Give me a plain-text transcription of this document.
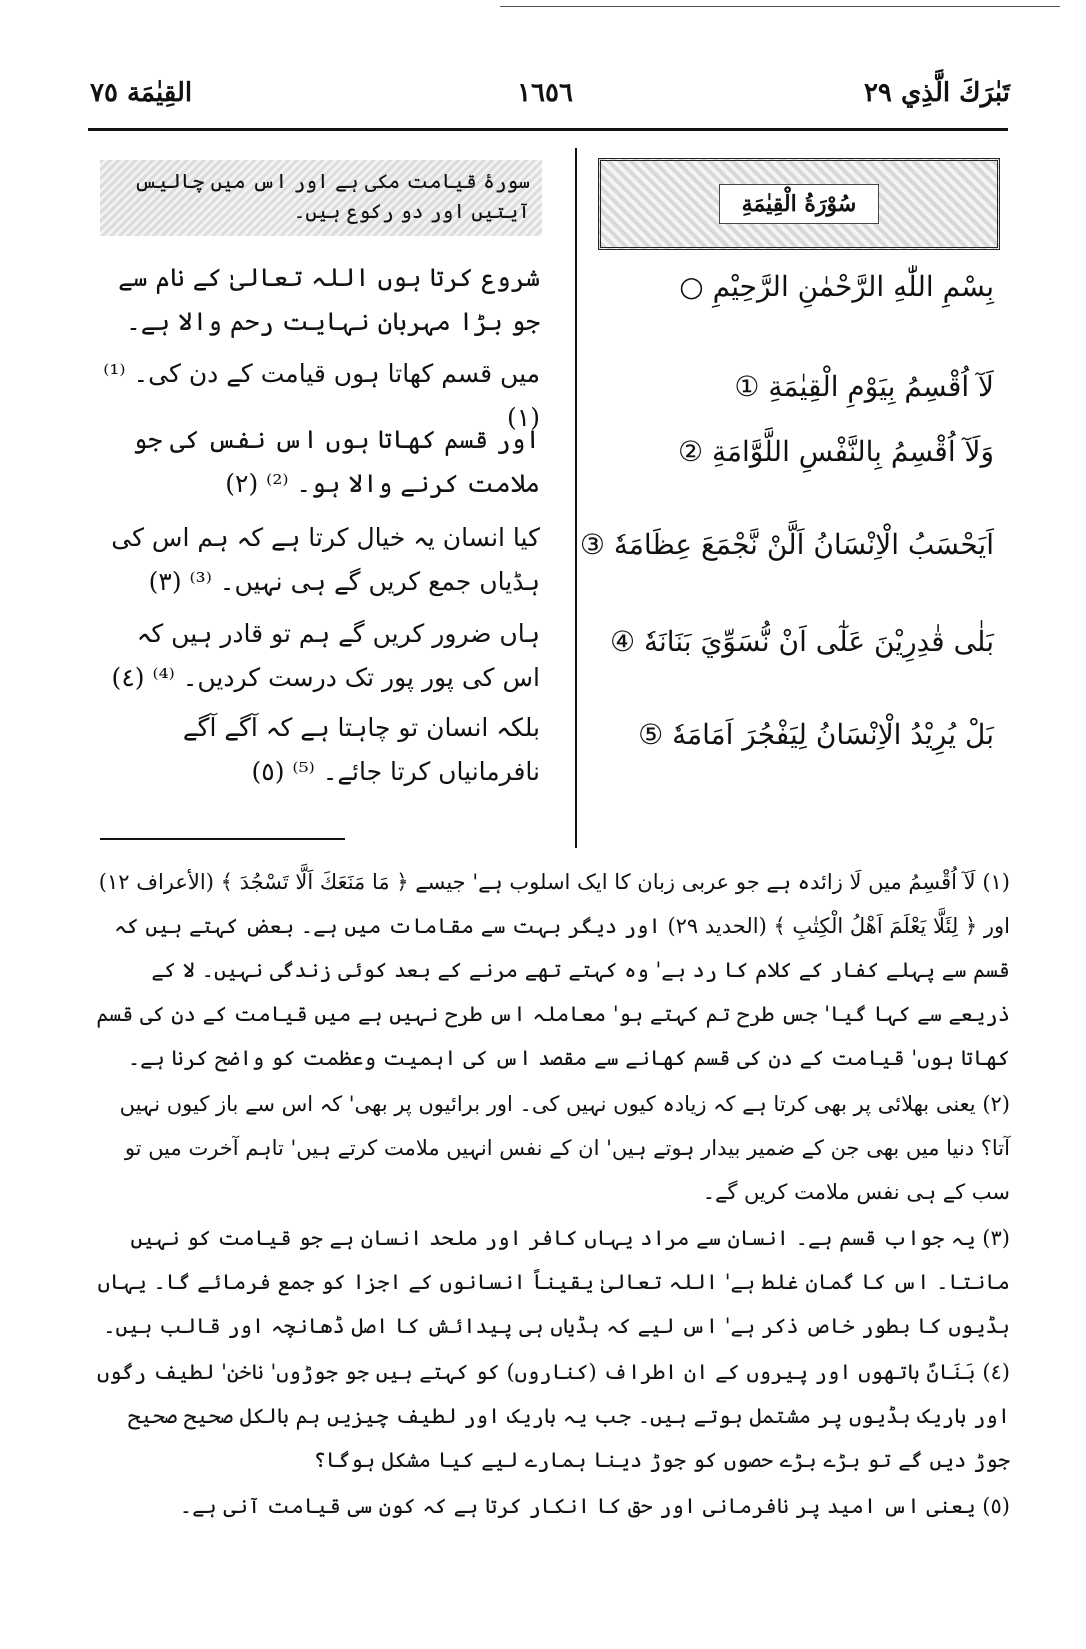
القِيٰمَة ٧٥	١٦٥٦	تَبٰرَكَ الَّذِي ٢٩
سُوْرَةُ الْقِيٰمَةِ
بِسْمِ اللّٰهِ الرَّحْمٰنِ الرَّحِيْمِ ○
لَآ اُقْسِمُ بِيَوْمِ الْقِيٰمَةِ ①
وَلَآ اُقْسِمُ بِالنَّفْسِ اللَّوَّامَةِ ②
اَيَحْسَبُ الْاِنْسَانُ اَلَّنْ نَّجْمَعَ عِظَامَهٗ ③
بَلٰى قٰدِرِيْنَ عَلٰٓى اَنْ نُّسَوِّيَ بَنَانَهٗ ④
بَلْ يُرِيْدُ الْاِنْسَانُ لِيَفْجُرَ اَمَامَهٗ ⑤
سورۂ قیامت مکی ہے اور اس میں چالیس آیتیں اور دو رکوع ہیں۔
شروع کرتا ہوں اللہ تعالیٰ کے نام سے جو بڑا مہربان نہایت رحم والا ہے۔
میں قسم کھاتا ہوں قیامت کے دن کی۔ ⁽¹⁾ (١)
اور قسم کھاتا ہوں اس نفس کی جو ملامت کرنے والا ہو۔ ⁽²⁾ (٢)
کیا انسان یہ خیال کرتا ہے کہ ہم اس کی ہڈیاں جمع کریں گے ہی نہیں۔ ⁽³⁾ (٣)
ہاں ضرور کریں گے ہم تو قادر ہیں کہ اس کی پور پور تک درست کردیں۔ ⁽⁴⁾ (٤)
بلکہ انسان تو چاہتا ہے کہ آگے آگے نافرمانیاں کرتا جائے۔ ⁽⁵⁾ (٥)

(١) لَآ اُقْسِمُ میں لَا زائدہ ہے جو عربی زبان کا ایک اسلوب ہے' جیسے ﴿ مَا مَنَعَكَ اَلَّا تَسْجُدَ ﴾ (الأعراف ۱۲) اور ﴿ لِئَلَّا يَعْلَمَ اَهْلُ الْكِتٰبِ ﴾ (الحدید ۲۹) اور دیگر بہت سے مقامات میں ہے۔ بعض کہتے ہیں کہ قسم سے پہلے کفار کے کلام کا رد ہے' وہ کہتے تھے مرنے کے بعد کوئی زندگی نہیں۔ لا کے ذریعے سے کہا گیا' جس طرح تم کہتے ہو' معاملہ اس طرح نہیں ہے میں قیامت کے دن کی قسم کھاتا ہوں' قیامت کے دن کی قسم کھانے سے مقصد اس کی اہمیت وعظمت کو واضح کرنا ہے۔

(٢) یعنی بھلائی پر بھی کرتا ہے کہ زیادہ کیوں نہیں کی۔ اور برائیوں پر بھی' کہ اس سے باز کیوں نہیں آتا؟ دنیا میں بھی جن کے ضمیر بیدار ہوتے ہیں' ان کے نفس انہیں ملامت کرتے ہیں' تاہم آخرت میں تو سب کے ہی نفس ملامت کریں گے۔

(٣) یہ جواب قسم ہے۔ انسان سے مراد یہاں کافر اور ملحد انسان ہے جو قیامت کو نہیں مانتا۔ اس کا گمان غلط ہے' اللہ تعالیٰ یقیناً انسانوں کے اجزا کو جمع فرمائے گا۔ یہاں ہڈیوں کا بطور خاص ذکر ہے' اس لیے کہ ہڈیاں ہی پیدائش کا اصل ڈھانچہ اور قالب ہیں۔

(٤) بَنَانٌ ہاتھوں اور پیروں کے ان اطراف (کناروں) کو کہتے ہیں جو جوڑوں' ناخن' لطیف رگوں اور باریک ہڈیوں پر مشتمل ہوتے ہیں۔ جب یہ باریک اور لطیف چیزیں ہم بالکل صحیح صحیح جوڑ دیں گے تو بڑے بڑے حصوں کو جوڑ دینا ہمارے لیے کیا مشکل ہوگا؟

(٥) یعنی اس امید پر نافرمانی اور حق کا انکار کرتا ہے کہ کون سی قیامت آنی ہے۔
